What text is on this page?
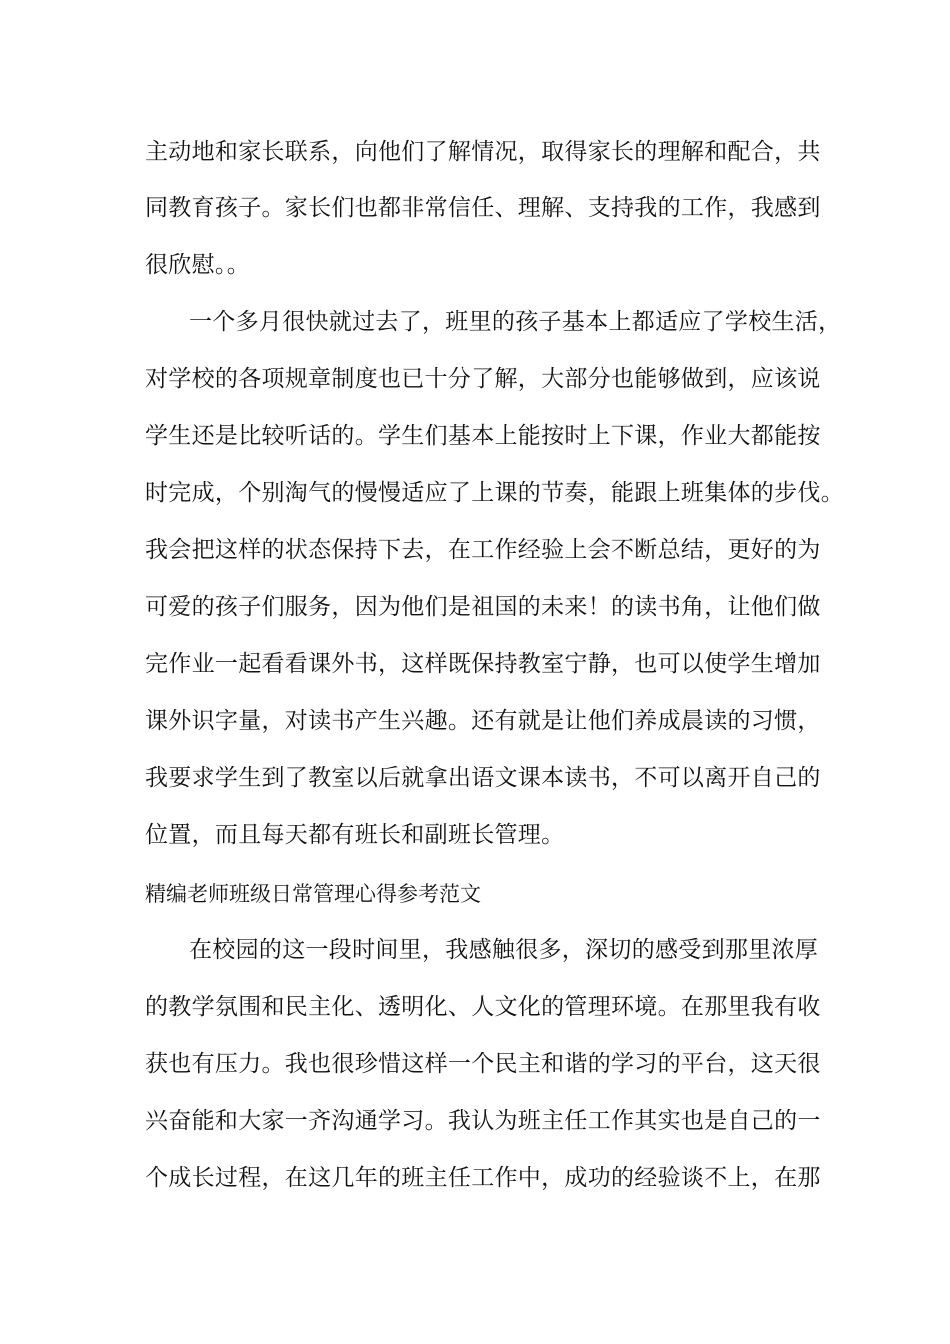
主动地和家长联系，向他们了解情况，取得家长的理解和配合，共
同教育孩子。家长们也都非常信任、理解、支持我的工作，我感到
很欣慰。。
一个多月很快就过去了，班里的孩子基本上都适应了学校生活，
对学校的各项规章制度也已十分了解，大部分也能够做到，应该说
学生还是比较听话的。学生们基本上能按时上下课，作业大都能按
时完成，个别淘气的慢慢适应了上课的节奏，能跟上班集体的步伐。
我会把这样的状态保持下去，在工作经验上会不断总结，更好的为
可爱的孩子们服务，因为他们是祖国的未来！的读书角，让他们做
完作业一起看看课外书，这样既保持教室宁静，也可以使学生增加
课外识字量，对读书产生兴趣。还有就是让他们养成晨读的习惯，
我要求学生到了教室以后就拿出语文课本读书，不可以离开自己的
位置，而且每天都有班长和副班长管理。
精编老师班级日常管理心得参考范文
在校园的这一段时间里，我感触很多，深切的感受到那里浓厚
的教学氛围和民主化、透明化、人文化的管理环境。在那里我有收
获也有压力。我也很珍惜这样一个民主和谐的学习的平台，这天很
兴奋能和大家一齐沟通学习。我认为班主任工作其实也是自己的一
个成长过程，在这几年的班主任工作中，成功的经验谈不上，在那
